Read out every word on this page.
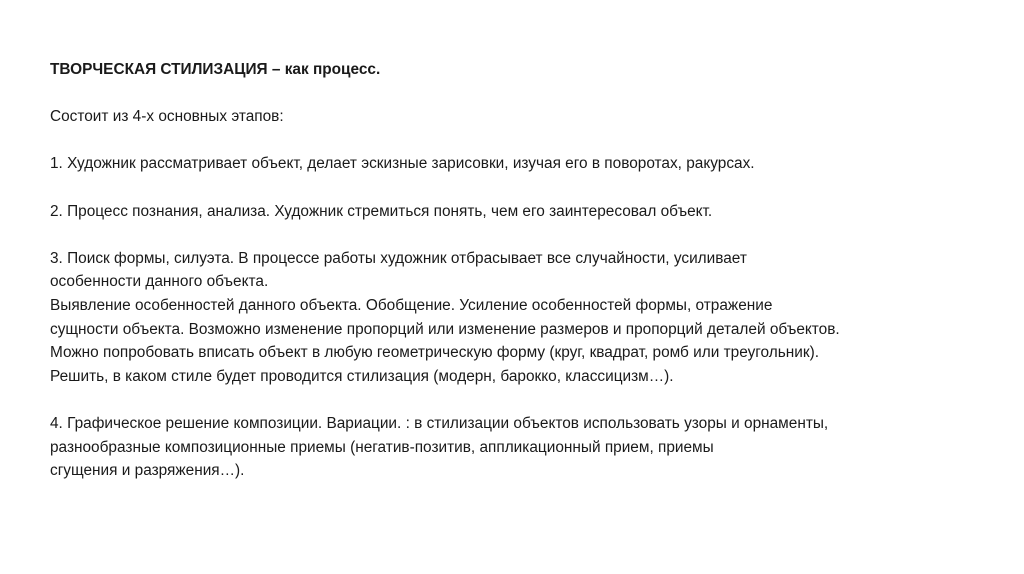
ТВОРЧЕСКАЯ СТИЛИЗАЦИЯ – как процесс.
Состоит из 4-х основных этапов:
1. Художник рассматривает объект, делает эскизные зарисовки, изучая его в поворотах, ракурсах.
2. Процесс познания, анализа. Художник стремиться понять, чем его заинтересовал объект.
3. Поиск формы, силуэта. В процессе работы художник отбрасывает все случайности, усиливает
особенности данного объекта.
Выявление особенностей данного объекта. Обобщение. Усиление особенностей формы, отражение
сущности объекта. Возможно изменение пропорций или изменение размеров и пропорций деталей объектов.
Можно попробовать вписать объект в любую геометрическую форму (круг, квадрат, ромб или треугольник).
Решить, в каком стиле будет проводится стилизация (модерн, барокко, классицизм…).
4. Графическое решение композиции. Вариации. : в стилизации объектов использовать узоры и орнаменты,
разнообразные композиционные приемы (негатив-позитив, аппликационный прием, приемы
сгущения и разряжения…).
